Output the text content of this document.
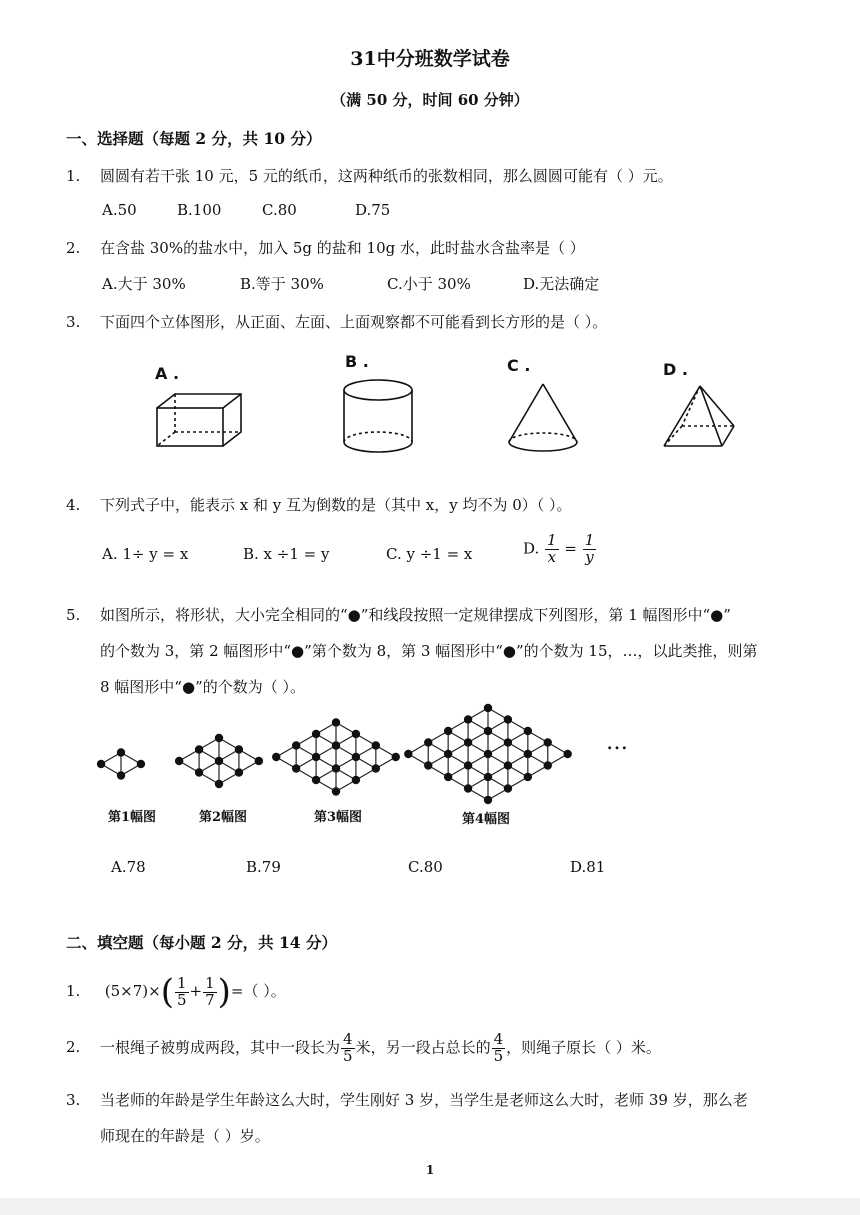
31中分班数学试卷
（满 50 分，时间 60 分钟）
一、选择题（每题 2 分，共 10 分）
1. 圆圆有若干张 10 元，5 元的纸币，这两种纸币的张数相同，那么圆圆可能有（ ）元。
A.50	B.100	C.80	D.75
2. 在含盐 30%的盐水中，加入 5g 的盐和 10g 水，此时盐水含盐率是（ ）
A.大于 30%	B.等于 30%	C.小于 30%	D.无法确定
3. 下面四个立体图形，从正面、左面、上面观察都不可能看到长方形的是（ ）。
A .
B .	C .	D .
4. 下列式子中，能表示 x 和 y 互为倒数的是（其中 x，y 均不为 0）（ ）。
A. 1÷ y = x	B. x ÷1 = y	C. y ÷1 = x	D. $\frac{1}{x} = \frac{1}{y}$
5. 如图所示，将形状，大小完全相同的“●”和线段按照一定规律摆成下列图形，第 1 幅图形中“●”
的个数为 3，第 2 幅图形中“●”第个数为 8，第 3 幅图形中“●”的个数为 15，…，以此类推，则第
8 幅图形中“●”的个数为（ ）。
第1幅图	第2幅图	第3幅图	第4幅图
…
A.78	B.79	C.80	D.81
二、填空题（每小题 2 分，共 14 分）
1. $(5\times 7)\times( \frac{1}{5} + \frac{1}{7}$ )=（ ）。
2. 一根绳子被剪成两段，其中一段长为 $\frac{4}{5}$ 米，另一段占总长的 $\frac{4}{5}$ ，则绳子原长（ ）米。
3. 当老师的年龄是学生年龄这么大时，学生刚好 3 岁，当学生是老师这么大时，老师 39 岁，那么老
师现在的年龄是（ ）岁。
1
